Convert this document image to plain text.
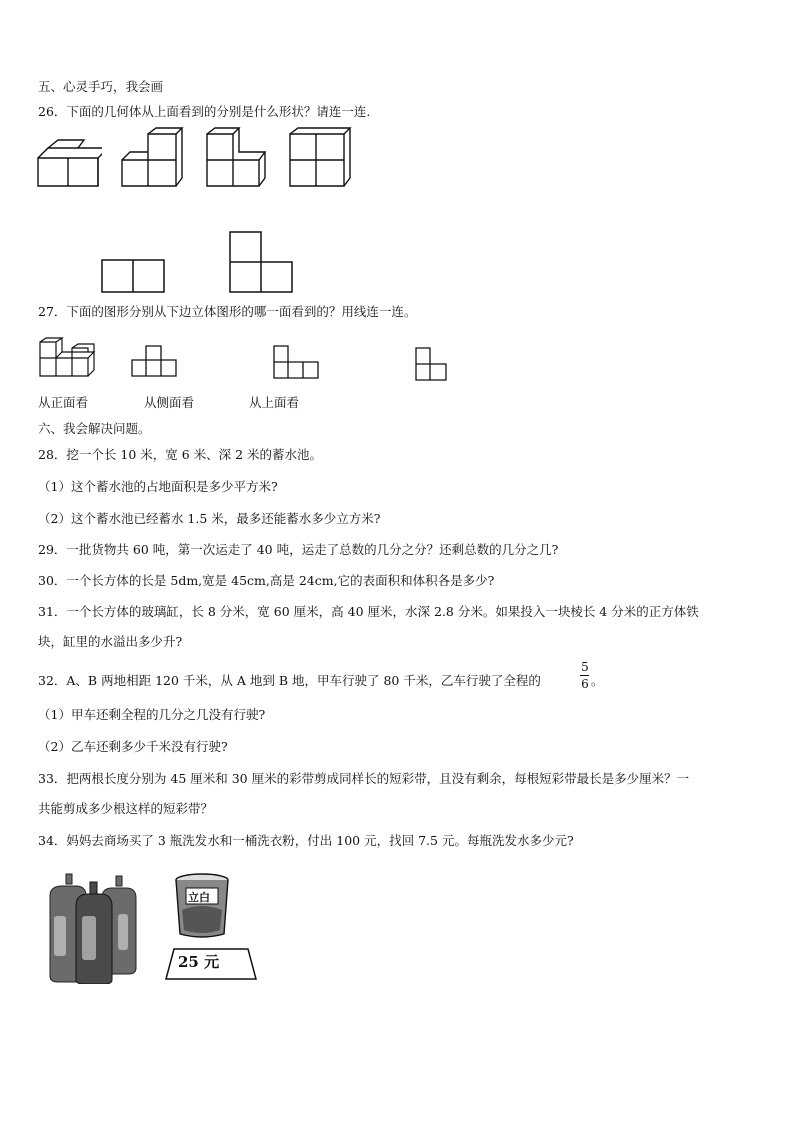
五、心灵手巧，我会画
26．下面的几何体从上面看到的分别是什么形状？请连一连.
27．下面的图形分别从下边立体图形的哪一面看到的？用线连一连。
从正面看	从侧面看	从上面看
六、我会解决问题。
28．挖一个长 10 米，宽 6 米、深 2 米的蓄水池。
（1）这个蓄水池的占地面积是多少平方米?
（2）这个蓄水池已经蓄水 1.5 米，最多还能蓄水多少立方米?
29．一批货物共 60 吨，第一次运走了 40 吨，运走了总数的几分之分？还剩总数的几分之几?
30．一个长方体的长是 5dm,宽是 45cm,高是 24cm,它的表面积和体积各是多少?
31．一个长方体的玻璃缸，长 8 分米，宽 60 厘米，高 40 厘米，水深 2.8 分米。如果投入一块棱长 4 分米的正方体铁
块，缸里的水溢出多少升?
32．A、B 两地相距 120 千米，从 A 地到 B 地，甲车行驶了 80 千米，乙车行驶了全程的
5
6 。
（1）甲车还剩全程的几分之几没有行驶?
（2）乙车还剩多少千米没有行驶?
33．把两根长度分别为 45 厘米和 30 厘米的彩带剪成同样长的短彩带，且没有剩余，每根短彩带最长是多少厘米？一
共能剪成多少根这样的短彩带？
34．妈妈去商场买了 3 瓶洗发水和一桶洗衣粉，付出 100 元，找回 7.5 元。每瓶洗发水多少元?
立白
25 元
